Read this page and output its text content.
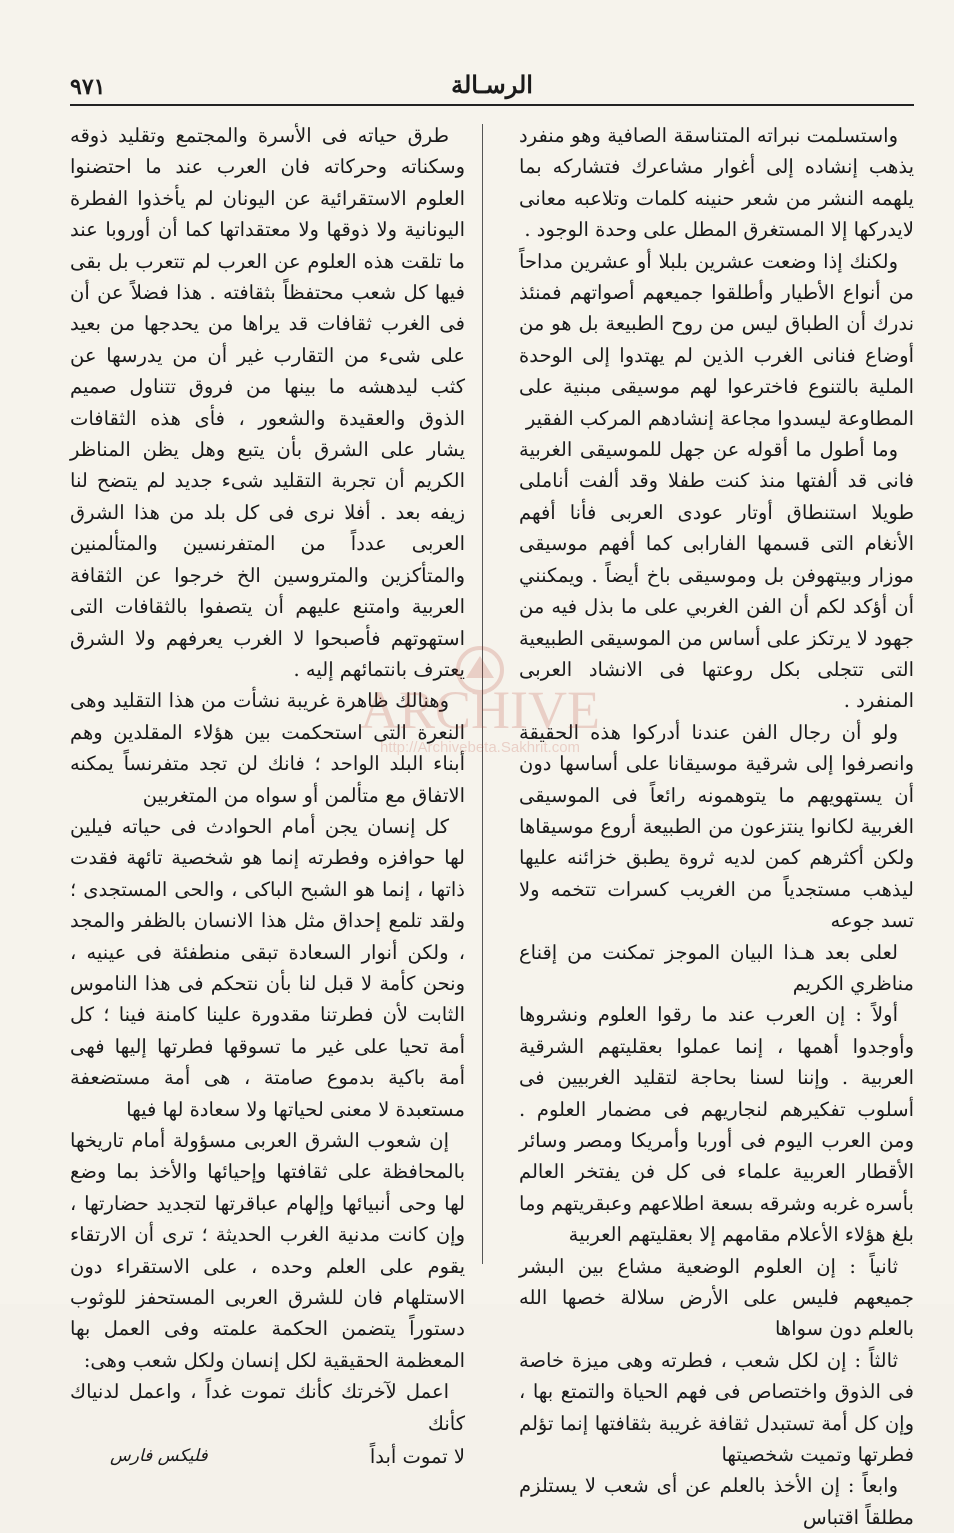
الرسـالة
٩٧١

واستسلمت نبراته المتناسقة الصافية وهو منفرد يذهب إنشاده إلى أغوار مشاعرك فتشاركه بما يلهمه النشر من شعر حنينه كلمات وتلاعبه معانى لايدركها إلا المستغرق المطل على وحدة الوجود .

ولكنك إذا وضعت عشرين بلبلا أو عشرين مداحاً من أنواع الأطيار وأطلقوا جميعهم أصواتهم فمنئذ ندرك أن الطباق ليس من روح الطبيعة بل هو من أوضاع فنانى الغرب الذين لم يهتدوا إلى الوحدة الملية بالتنوع فاخترعوا لهم موسيقى مبنية على المطاوعة ليسدوا مجاعة إنشادهم المركب الفقير

وما أطول ما أقوله عن جهل للموسيقى الغربية فانى قد ألفتها منذ كنت طفلا وقد ألفت أناملى طويلا استنطاق أوتار عودى العربى فأنا أفهم الأنغام التى قسمها الفارابى كما أفهم موسيقى موزار وبيتهوفن بل وموسيقى باخ أيضاً . ويمكنني أن أؤكد لكم أن الفن الغربي على ما بذل فيه من جهود لا يرتكز على أساس من الموسيقى الطبيعية التى تتجلى بكل روعتها فى الانشاد العربى المنفرد .

ولو أن رجال الفن عندنا أدركوا هذه الحقيقة وانصرفوا إلى شرقية موسيقانا على أساسها دون أن يستهويهم ما يتوهمونه رائعاً فى الموسيقى الغربية لكانوا ينتزعون من الطبيعة أروع موسيقاها ولكن أكثرهم كمن لديه ثروة يطبق خزائنه عليها ليذهب مستجدياً من الغريب كسرات تتخمه ولا تسد جوعه

لعلى بعد هـذا البيان الموجز تمكنت من إقناع مناظري الكريم

أولاً : إن العرب عند ما رقوا العلوم ونشروها وأوجدوا أهمها ، إنما عملوا بعقليتهم الشرقية العربية . وإننا لسنا بحاجة لتقليد الغربيين فى أسلوب تفكيرهم لنجاريهم فى مضمار العلوم . ومن العرب اليوم فى أوربا وأمريكا ومصر وسائر الأقطار العربية علماء فى كل فن يفتخر العالم بأسره غربه وشرقه بسعة اطلاعهم وعبقريتهم وما بلغ هؤلاء الأعلام مقامهم إلا بعقليتهم العربية

ثانياً : إن العلوم الوضعية مشاع بين البشر جميعهم فليس على الأرض سلالة خصها الله بالعلم دون سواها

ثالثاً : إن لكل شعب ، فطرته وهى ميزة خاصة فى الذوق واختصاص فى فهم الحياة والتمتع بها ، وإن كل أمة تستبدل ثقافة غريبة بثقافتها إنما تؤلم فطرتها وتميت شخصيتها

وابعاً : إن الأخذ بالعلم عن أى شعب لا يستلزم مطلقاً اقتباس

طرق حياته فى الأسرة والمجتمع وتقليد ذوقه وسكناته وحركاته فان العرب عند ما احتضنوا العلوم الاستقرائية عن اليونان لم يأخذوا الفطرة اليونانية ولا ذوقها ولا معتقداتها كما أن أوروبا عند ما تلقت هذه العلوم عن العرب لم تتعرب بل بقى فيها كل شعب محتفظاً بثقافته . هذا فضلاً عن أن فى الغرب ثقافات قد يراها من يحدجها من بعيد على شىء من التقارب غير أن من يدرسها عن كثب ليدهشه ما بينها من فروق تتناول صميم الذوق والعقيدة والشعور ، فأى هذه الثقافات يشار على الشرق بأن يتبع وهل يظن المناظر الكريم أن تجربة التقليد شىء جديد لم يتضح لنا زيفه بعد . أفلا نرى فى كل بلد من هذا الشرق العربى عدداً من المتفرنسين والمتألمنين والمتأكزين والمتروسين الخ خرجوا عن الثقافة العربية وامتنع عليهم أن يتصفوا بالثقافات التى استهوتهم فأصبحوا لا الغرب يعرفهم ولا الشرق يعترف بانتمائهم إليه .

وهنالك ظاهرة غريبة نشأت من هذا التقليد وهى النعرة التى استحكمت بين هؤلاء المقلدين وهم أبناء البلد الواحد ؛ فانك لن تجد متفرنساً يمكنه الاتفاق مع متألمن أو سواه من المتغربين

كل إنسان يجن أمام الحوادث فى حياته فيلين لها حوافزه وفطرته إنما هو شخصية تائهة فقدت ذاتها ، إنما هو الشبح الباكى ، والحى المستجدى ؛ ولقد تلمع إحداق مثل هذا الانسان بالظفر والمجد ، ولكن أنوار السعادة تبقى منطفئة فى عينيه ، ونحن كأمة لا قبل لنا بأن نتحكم فى هذا الناموس الثابت لأن فطرتنا مقدورة علينا كامنة فينا ؛ كل أمة تحيا على غير ما تسوقها فطرتها إليها فهى أمة باكية بدموع صامتة ، هى أمة مستضعفة مستعبدة لا معنى لحياتها ولا سعادة لها فيها

إن شعوب الشرق العربى مسؤولة أمام تاريخها بالمحافظة على ثقافتها وإحيائها والأخذ بما وضع لها وحى أنبيائها وإلهام عباقرتها لتجديد حضارتها ، وإن كانت مدنية الغرب الحديثة ؛ ترى أن الارتقاء يقوم على العلم وحده ، على الاستقراء دون الاستلهام فان للشرق العربى المستحفز للوثوب دستوراً يتضمن الحكمة علمته وفى العمل بها المعظمة الحقيقية لكل إنسان ولكل شعب وهى:

اعمل لآخرتك كأنك تموت غداً ، واعمل لدنياك كأنك

لا تموت أبداً
فليكس فارس
ARCHIVE
http://Archivebeta.Sakhrit.com
